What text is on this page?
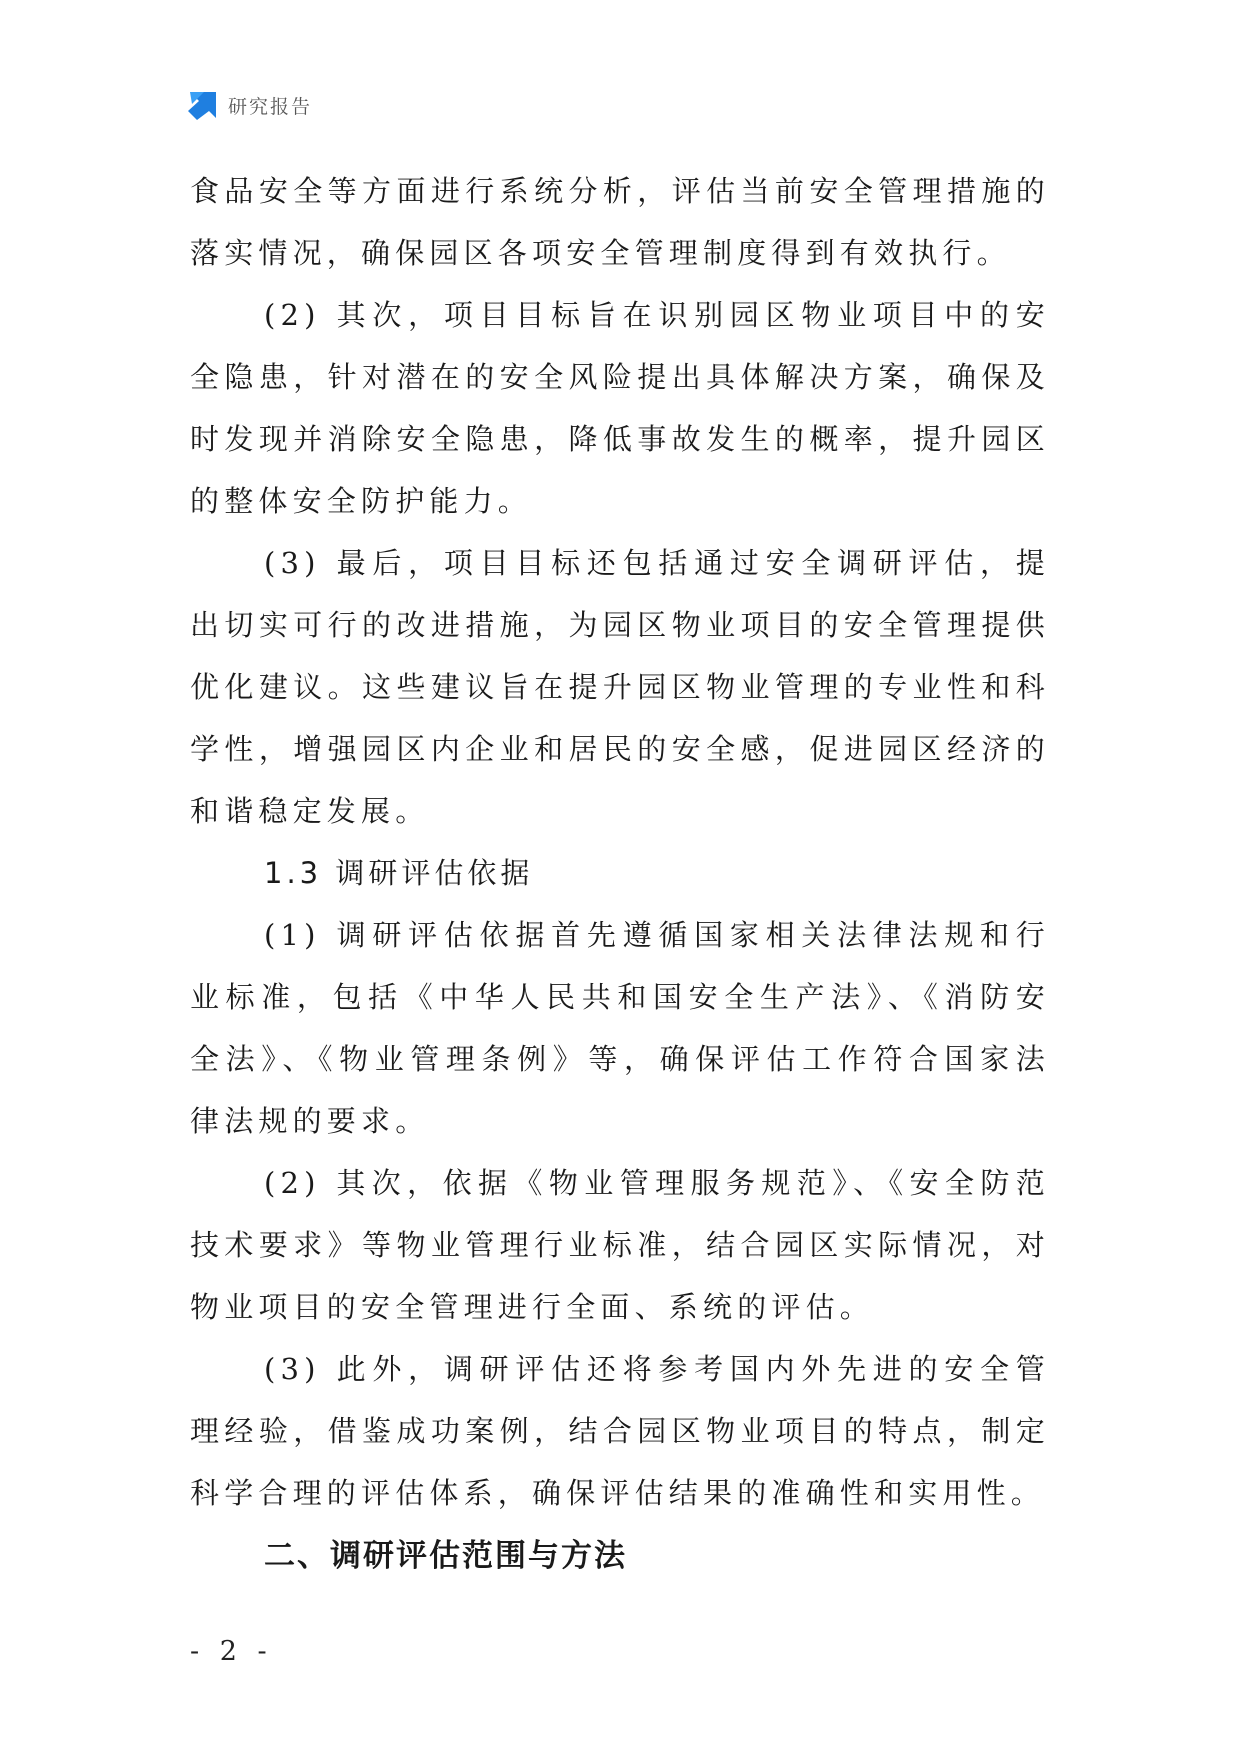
研究报告

食品安全等方面进行系统分析，评估当前安全管理措施的落实情况，确保园区各项安全管理制度得到有效执行。

(2) 其次，项目目标旨在识别园区物业项目中的安全隐患，针对潜在的安全风险提出具体解决方案，确保及时发现并消除安全隐患，降低事故发生的概率，提升园区的整体安全防护能力。

(3) 最后，项目目标还包括通过安全调研评估，提出切实可行的改进措施，为园区物业项目的安全管理提供优化建议。这些建议旨在提升园区物业管理的专业性和科学性，增强园区内企业和居民的安全感，促进园区经济的和谐稳定发展。

1.3 调研评估依据

(1) 调研评估依据首先遵循国家相关法律法规和行业标准，包括《中华人民共和国安全生产法》、《消防安全法》、《物业管理条例》等，确保评估工作符合国家法律法规的要求。

(2) 其次，依据《物业管理服务规范》、《安全防范技术要求》等物业管理行业标准，结合园区实际情况，对物业项目的安全管理进行全面、系统的评估。

(3) 此外，调研评估还将参考国内外先进的安全管理经验，借鉴成功案例，结合园区物业项目的特点，制定科学合理的评估体系，确保评估结果的准确性和实用性。

二、调研评估范围与方法
- 2 -
